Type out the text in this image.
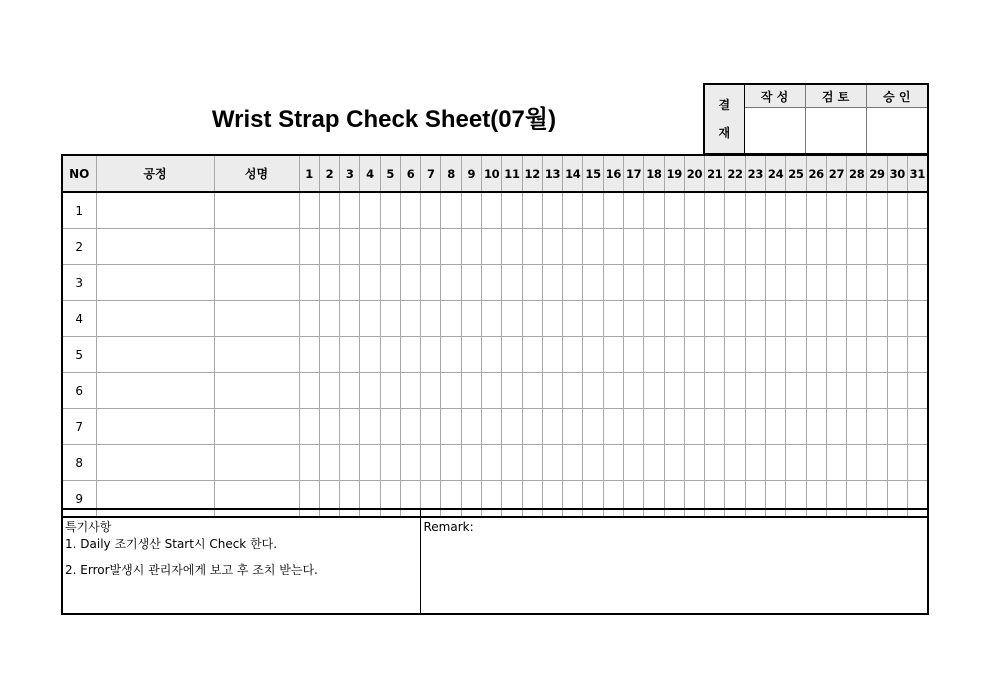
Wrist Strap Check Sheet(07월)
결
재	작 성	검 토	승 인

NO	공정	성명	1	2	3	4	5	6	7	8	9	10	11	12	13	14	15	16	17	18	19	20	21	22	23	24	25	26	27	28	29	30	31
1																																	
2																																	
3																																	
4																																	
5																																	
6																																	
7																																	
8																																	
9																																	
특기사항
1. Daily 조기생산 Start시 Check 한다.
2. Error발생시 관리자에게 보고 후 조치 받는다.
	Remark:
